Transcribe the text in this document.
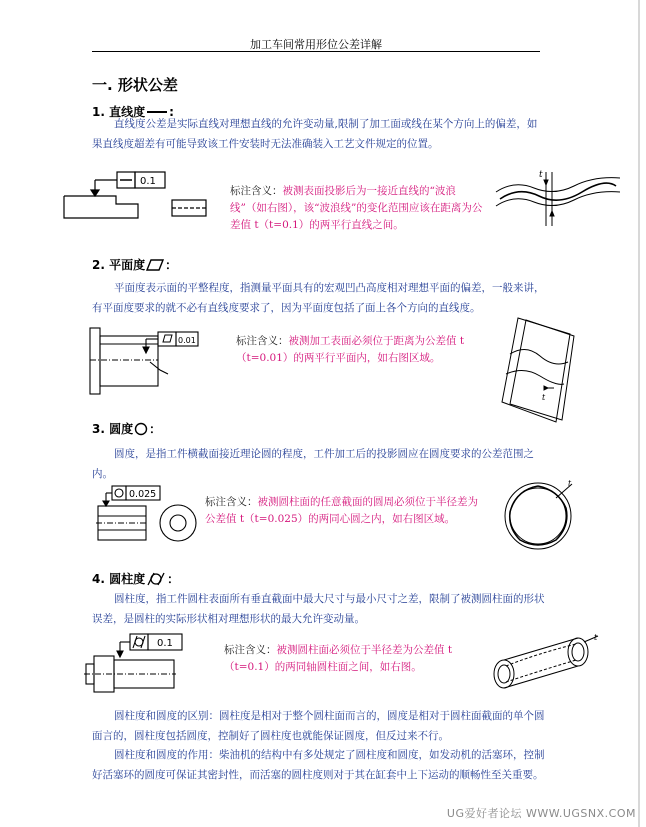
加工车间常用形位公差详解
一. 形状公差
1. 直线度 :
直线度公差是实际直线对理想直线的允许变动量,限制了加工面或线在某个方向上的偏差，如果直线度超差有可能导致该工件安装时无法准确装入工艺文件规定的位置。
0.1
标注含义：被测表面投影后为一接近直线的“波浪线”（如右图），该“波浪线”的变化范围应该在距离为公差值 t（t=0.1）的两平行直线之间。
t
2. 平面度 ：
平面度表示面的平整程度，指测量平面具有的宏观凹凸高度相对理想平面的偏差，一般来讲，有平面度要求的就不必有直线度要求了，因为平面度包括了面上各个方向的直线度。
0.01	标注含义：被测加工表面必须位于距离为公差值 t（t=0.01）的两平行平面内，如右图区域。
t
3. 圆度 ：
圆度，是指工件横截面接近理论圆的程度，工件加工后的投影圆应在圆度要求的公差范围之内。
0.025
标注含义：被测圆柱面的任意截面的圆周必须位于半径差为公差值 t（t=0.025）的两同心圆之内，如右图区域。
t
4. 圆柱度 ：
圆柱度，指工件圆柱表面所有垂直截面中最大尺寸与最小尺寸之差，限制了被测圆柱面的形状误差，是圆柱的实际形状相对理想形状的最大允许变动量。
0.1
标注含义：被测圆柱面必须位于半径差为公差值 t（t=0.1）的两同轴圆柱面之间，如右图。
t
圆柱度和圆度的区别：圆柱度是相对于整个圆柱面而言的，圆度是相对于圆柱面截面的单个圆面言的，圆柱度包括圆度，控制好了圆柱度也就能保证圆度，但反过来不行。
圆柱度和圆度的作用：柴油机的结构中有多处规定了圆柱度和圆度，如发动机的活塞环，控制好活塞环的圆度可保证其密封性，而活塞的圆柱度则对于其在缸套中上下运动的顺畅性至关重要。
UG爱好者论坛 WWW.UGSNX.COM
